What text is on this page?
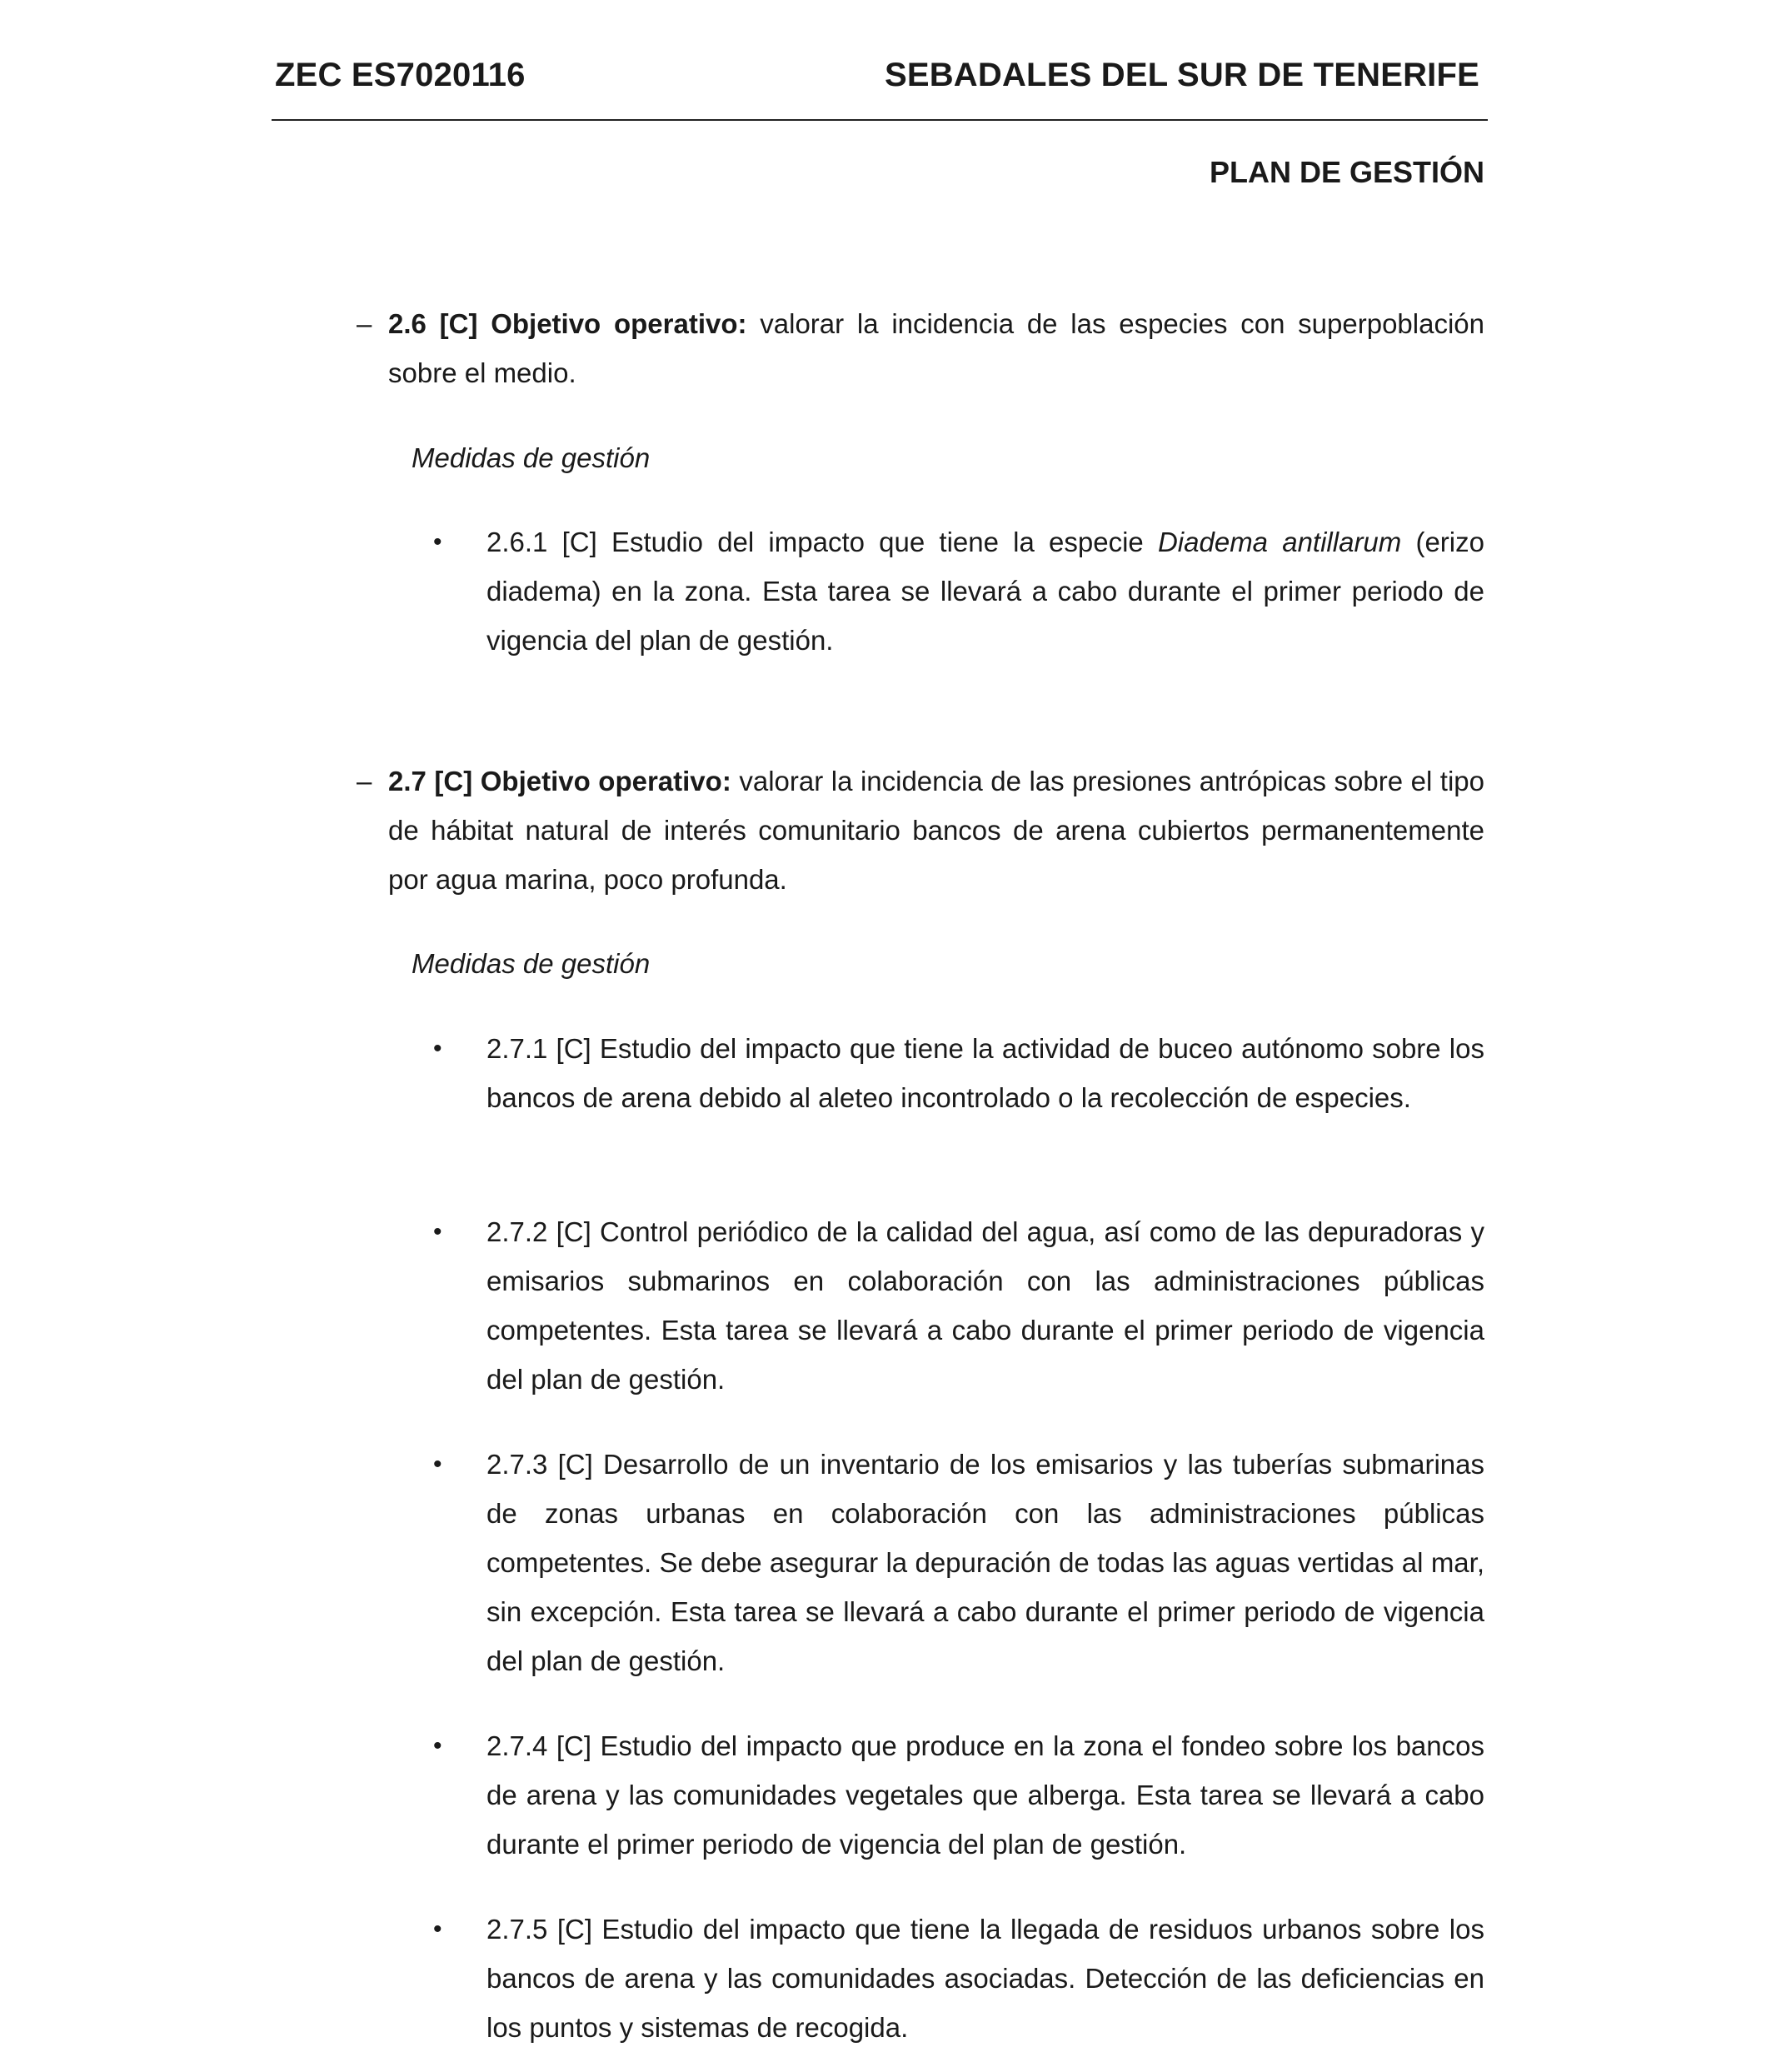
ZEC ES7020116	SEBADALES DEL SUR DE TENERIFE
PLAN DE GESTIÓN
– 2.6 [C] Objetivo operativo: valorar la incidencia de las especies con superpoblación sobre el medio.
Medidas de gestión
• 2.6.1 [C] Estudio del impacto que tiene la especie Diadema antillarum (erizo diadema) en la zona. Esta tarea se llevará a cabo durante el primer periodo de vigencia del plan de gestión.
– 2.7 [C] Objetivo operativo: valorar la incidencia de las presiones antrópicas sobre el tipo de hábitat natural de interés comunitario bancos de arena cubiertos permanentemente por agua marina, poco profunda.
Medidas de gestión
• 2.7.1 [C] Estudio del impacto que tiene la actividad de buceo autónomo sobre los bancos de arena debido al aleteo incontrolado o la recolección de especies.
• 2.7.2 [C] Control periódico de la calidad del agua, así como de las depuradoras y emisarios submarinos en colaboración con las administraciones públicas competentes. Esta tarea se llevará a cabo durante el primer periodo de vigencia del plan de gestión.
• 2.7.3 [C] Desarrollo de un inventario de los emisarios y las tuberías submarinas de zonas urbanas en colaboración con las administraciones públicas competentes. Se debe asegurar la depuración de todas las aguas vertidas al mar, sin excepción. Esta tarea se llevará a cabo durante el primer periodo de vigencia del plan de gestión.
• 2.7.4 [C] Estudio del impacto que produce en la zona el fondeo sobre los bancos de arena y las comunidades vegetales que alberga. Esta tarea se llevará a cabo durante el primer periodo de vigencia del plan de gestión.
• 2.7.5 [C] Estudio del impacto que tiene la llegada de residuos urbanos sobre los bancos de arena y las comunidades asociadas. Detección de las deficiencias en los puntos y sistemas de recogida.
